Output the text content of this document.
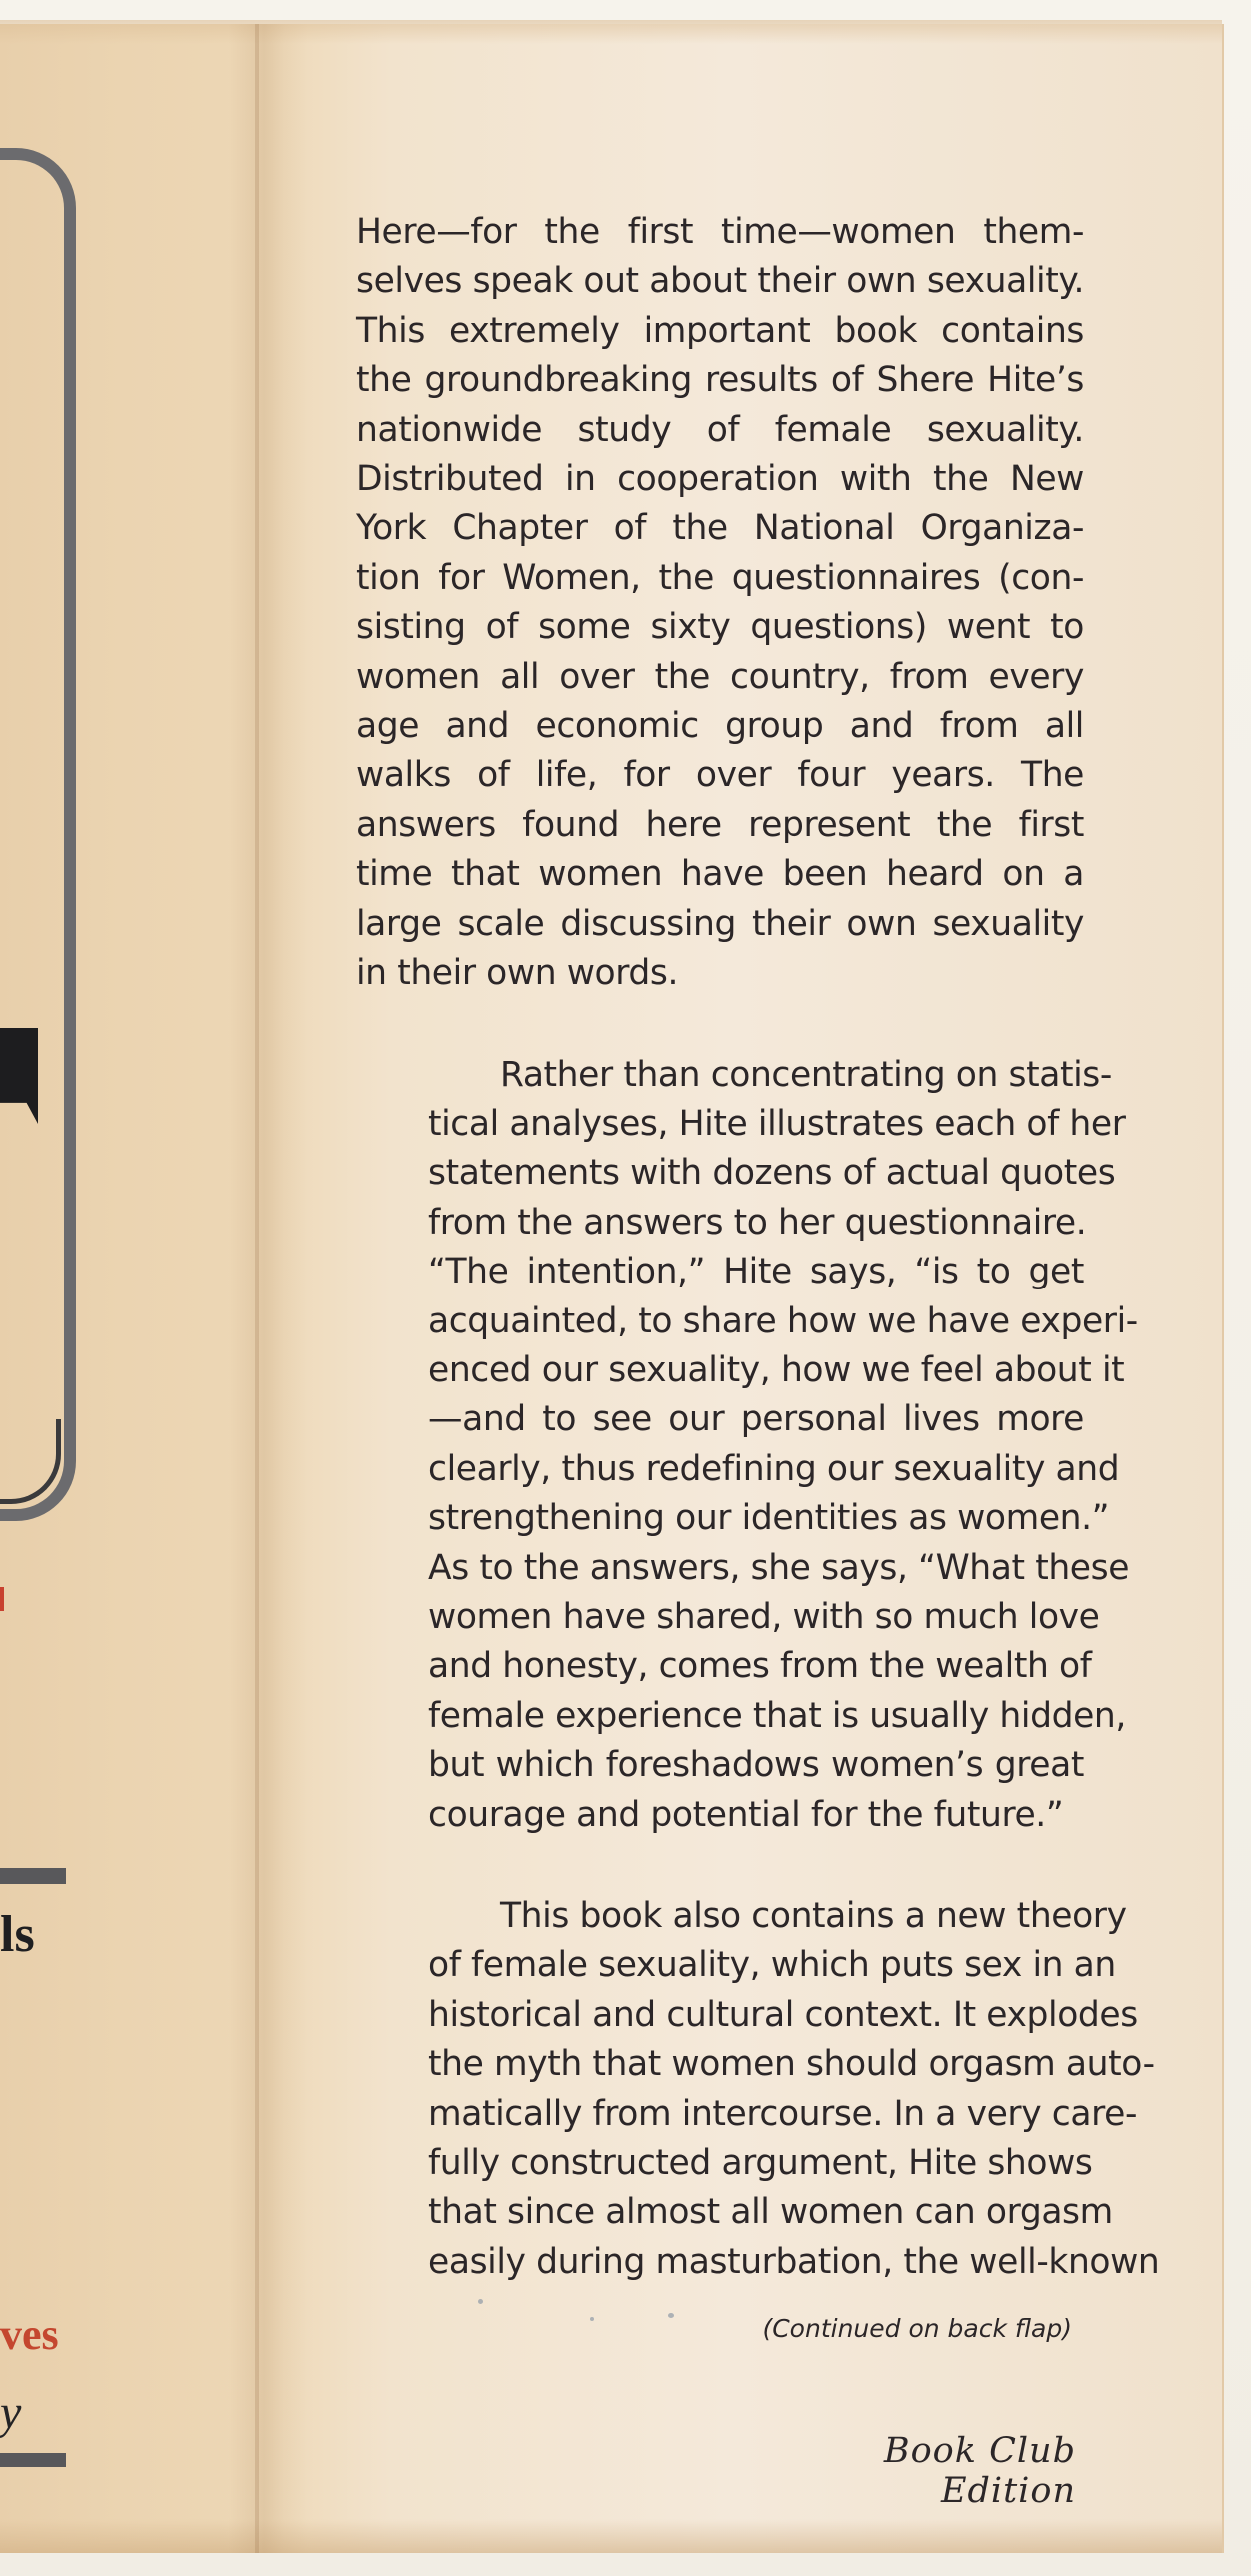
ls
ves
y

Here—for the first time—women them-
selves speak out about their own sexuality.
This extremely important book contains
the groundbreaking results of Shere Hite’s
nationwide study of female sexuality.
Distributed in cooperation with the New
York Chapter of the National Organiza-
tion for Women, the questionnaires (con-
sisting of some sixty questions) went to
women all over the country, from every
age and economic group and from all
walks of life, for over four years. The
answers found here represent the first
time that women have been heard on a
large scale discussing their own sexuality
in their own words.

Rather than concentrating on statis-
tical analyses, Hite illustrates each of her
statements with dozens of actual quotes
from the answers to her questionnaire.
“The intention,” Hite says, “is to get
acquainted, to share how we have experi-
enced our sexuality, how we feel about it
—and to see our personal lives more
clearly, thus redefining our sexuality and
strengthening our identities as women.”
As to the answers, she says, “What these
women have shared, with so much love
and honesty, comes from the wealth of
female experience that is usually hidden,
but which foreshadows women’s great
courage and potential for the future.”

This book also contains a new theory
of female sexuality, which puts sex in an
historical and cultural context. It explodes
the myth that women should orgasm auto-
matically from intercourse. In a very care-
fully constructed argument, Hite shows
that since almost all women can orgasm
easily during masturbation, the well-known

(Continued on back flap)
Book Club
Edition
